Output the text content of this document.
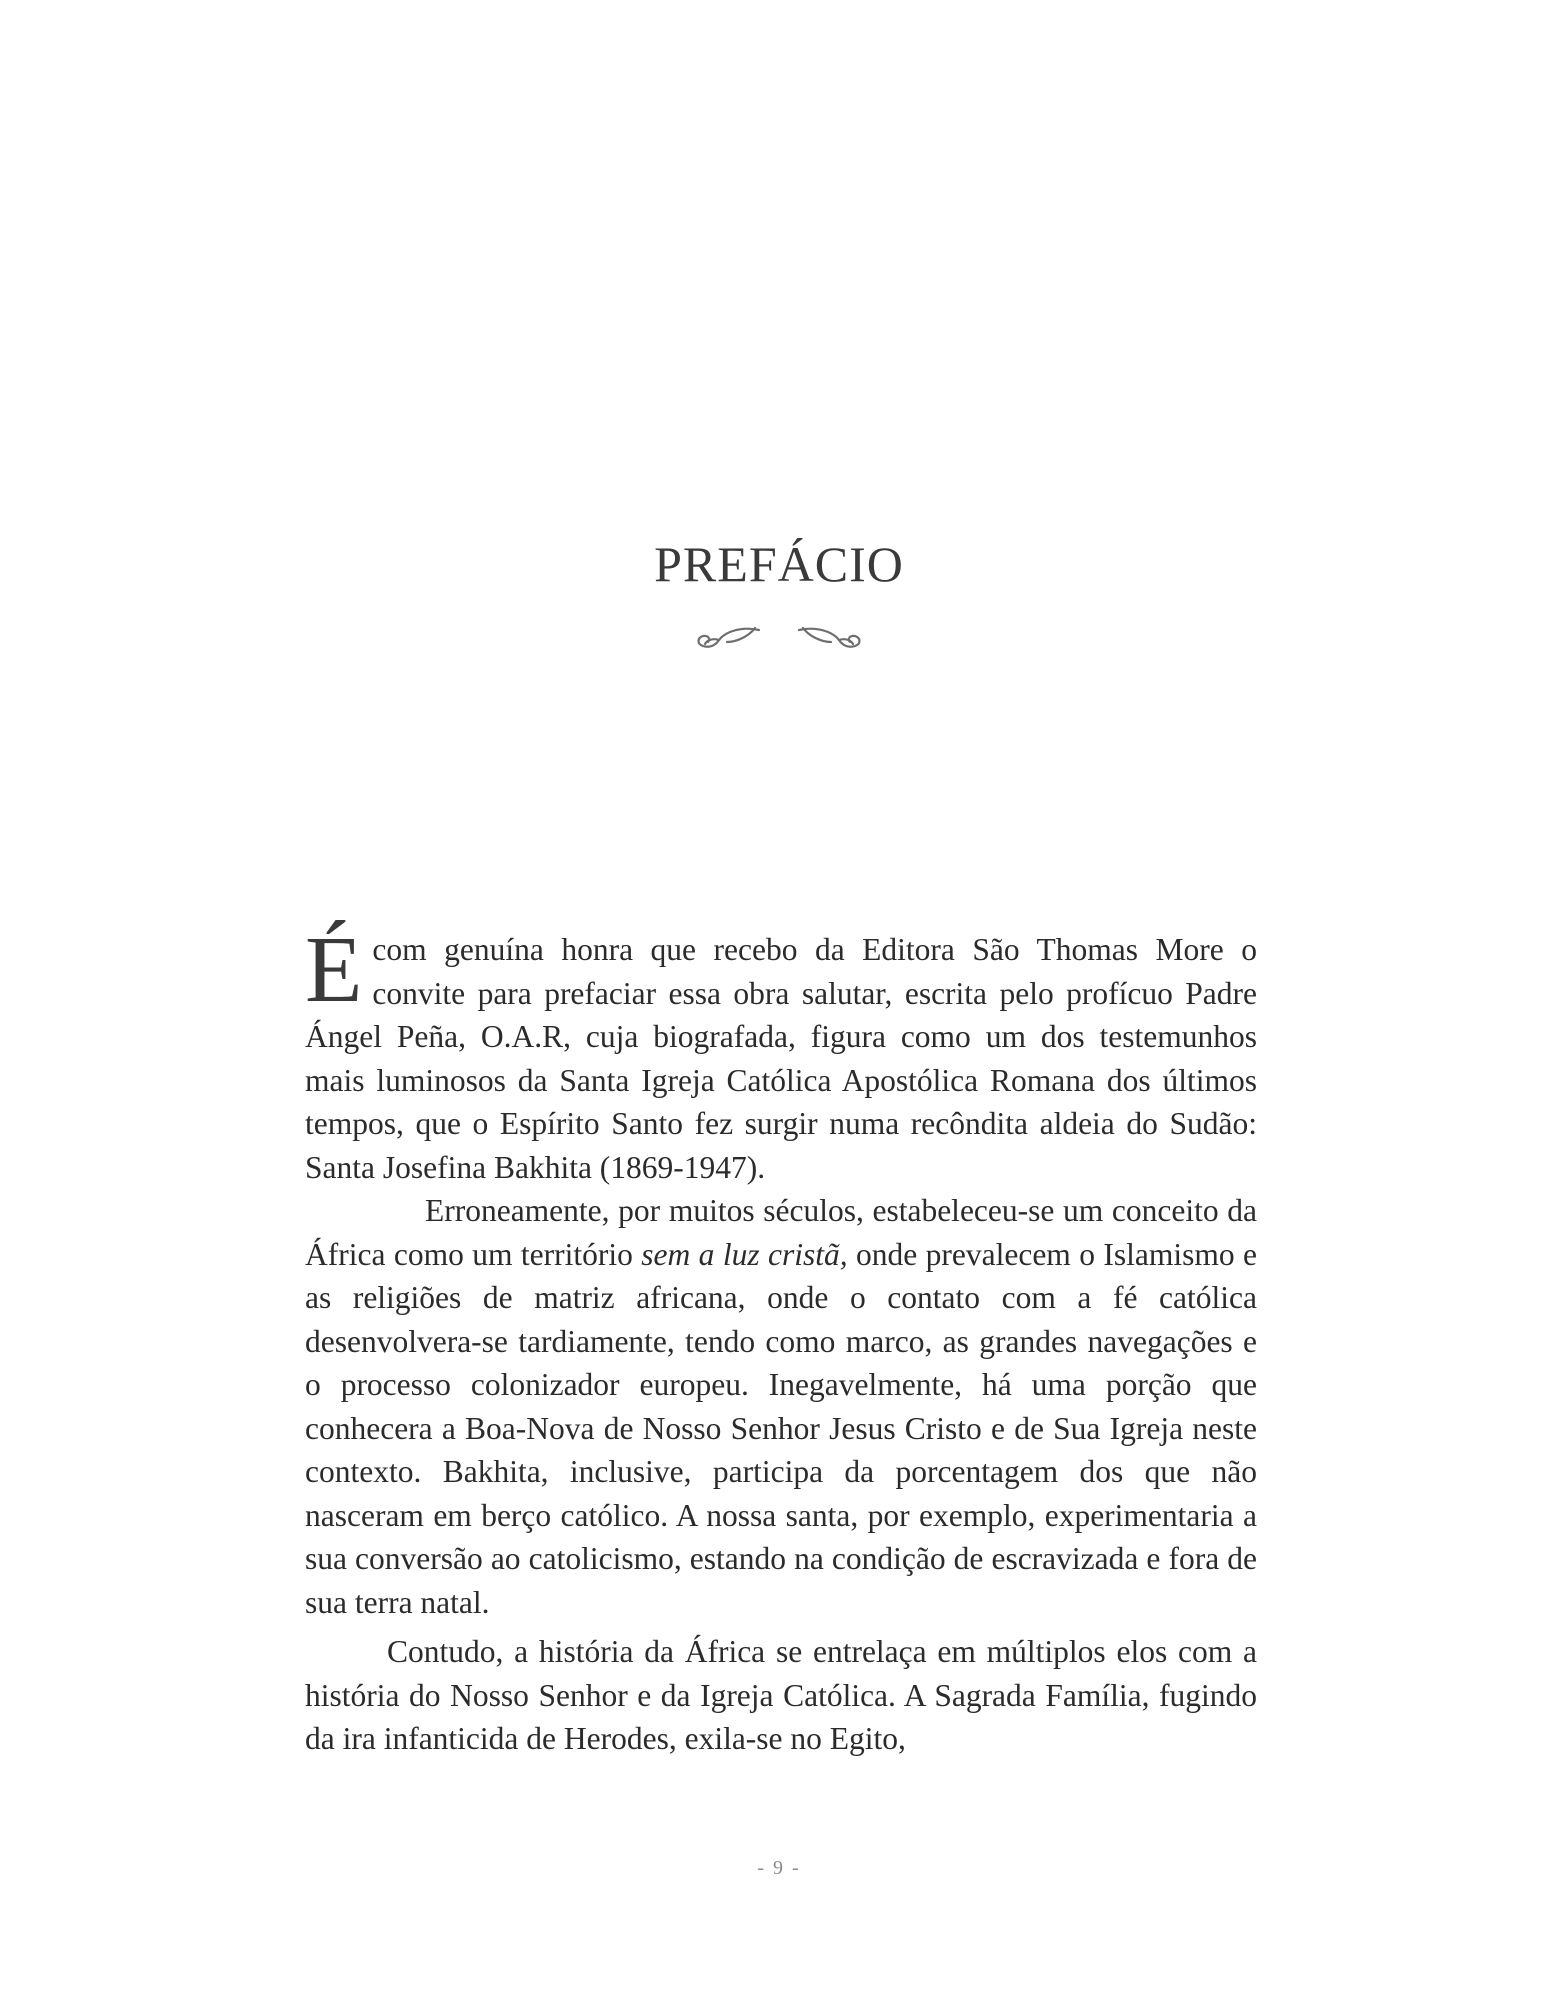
PREFÁCIO

Écom genuína honra que recebo da Editora São Thomas More o convite para prefaciar essa obra salutar, escrita pelo profícuo Padre Ángel Peña, O.A.R, cuja biografada, figura como um dos testemunhos mais luminosos da Santa Igreja Católica Apostólica Romana dos últimos tempos, que o Espírito Santo fez surgir numa recôndita aldeia do Sudão: Santa Josefina Bakhita (1869-1947).

Erroneamente, por muitos séculos, estabeleceu-se um conceito da África como um território sem a luz cristã, onde prevalecem o Islamismo e as religiões de matriz africana, onde o contato com a fé católica desenvolvera-se tardiamente, tendo como marco, as grandes navegações e o processo colonizador europeu. Inegavelmente, há uma porção que conhecera a Boa-Nova de Nosso Senhor Jesus Cristo e de Sua Igreja neste contexto. Bakhita, inclusive, participa da porcentagem dos que não nasceram em berço católico. A nossa santa, por exemplo, experimentaria a sua conversão ao catolicismo, estando na condição de escravizada e fora de sua terra natal.

Contudo, a história da África se entrelaça em múltiplos elos com a história do Nosso Senhor e da Igreja Católica. A Sagrada Família, fugindo da ira infanticida de Herodes, exila-se no Egito,

- 9 -
